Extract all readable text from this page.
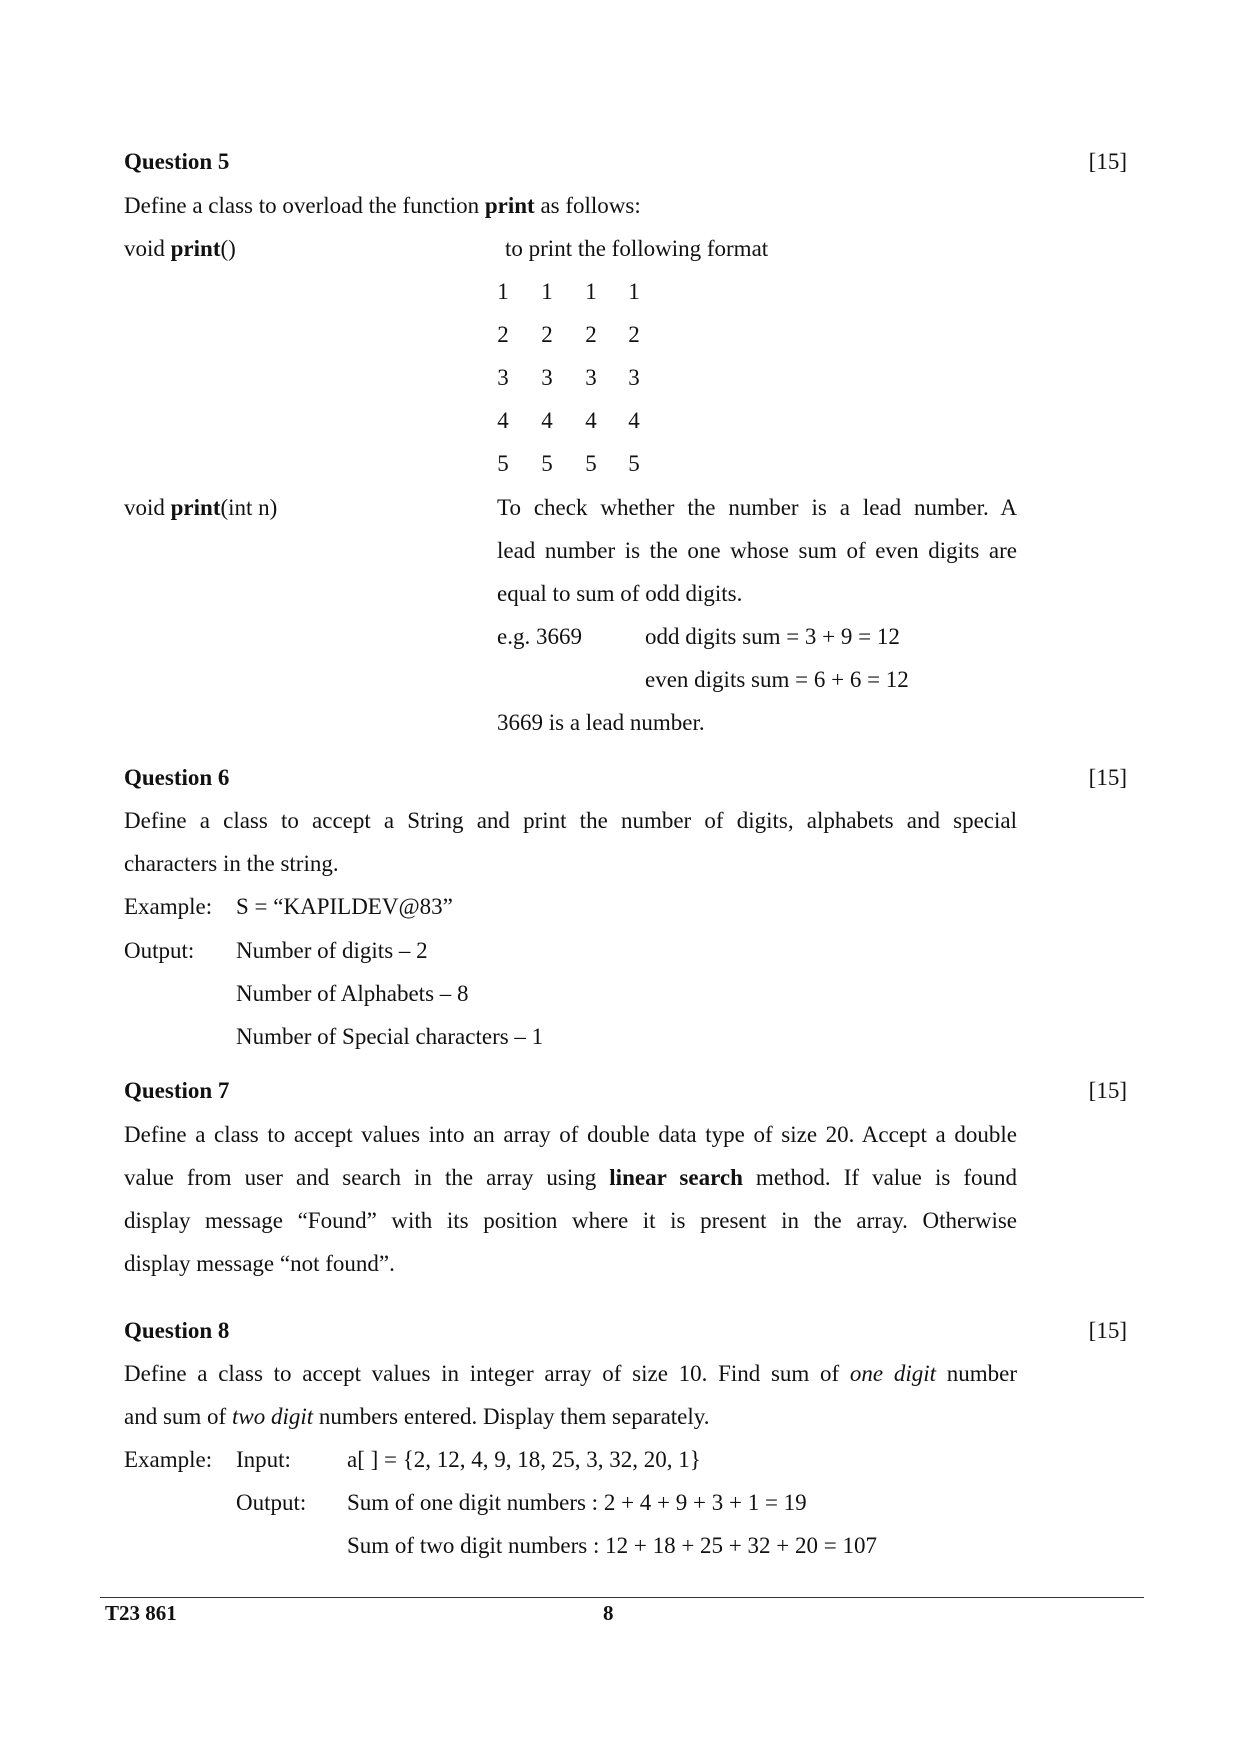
Question 5	[15]
Define a class to overload the function print as follows:
void print()	to print the following format
1 1 1 1
2 2 2 2
3 3 3 3
4 4 4 4
5 5 5 5
void print(int n)	To check whether the number is a lead number. A
lead number is the one whose sum of even digits are
equal to sum of odd digits.
e.g. 3669	odd digits sum = 3 + 9 = 12
even digits sum = 6 + 6 = 12
3669 is a lead number.
Question 6	[15]
Define a class to accept a String and print the number of digits, alphabets and special
characters in the string.
Example: S = “KAPILDEV@83”
Output: Number of digits – 2
Number of Alphabets – 8
Number of Special characters – 1
Question 7	[15]
Define a class to accept values into an array of double data type of size 20. Accept a double
value from user and search in the array using linear search method. If value is found
display message “Found” with its position where it is present in the array. Otherwise
display message “not found”.
Question 8	[15]
Define a class to accept values in integer array of size 10. Find sum of one digit number
and sum of two digit numbers entered. Display them separately.
Example: Input: a[ ] = {2, 12, 4, 9, 18, 25, 3, 32, 20, 1}
Output: Sum of one digit numbers : 2 + 4 + 9 + 3 + 1 = 19
Sum of two digit numbers : 12 + 18 + 25 + 32 + 20 = 107
T23 861	8
